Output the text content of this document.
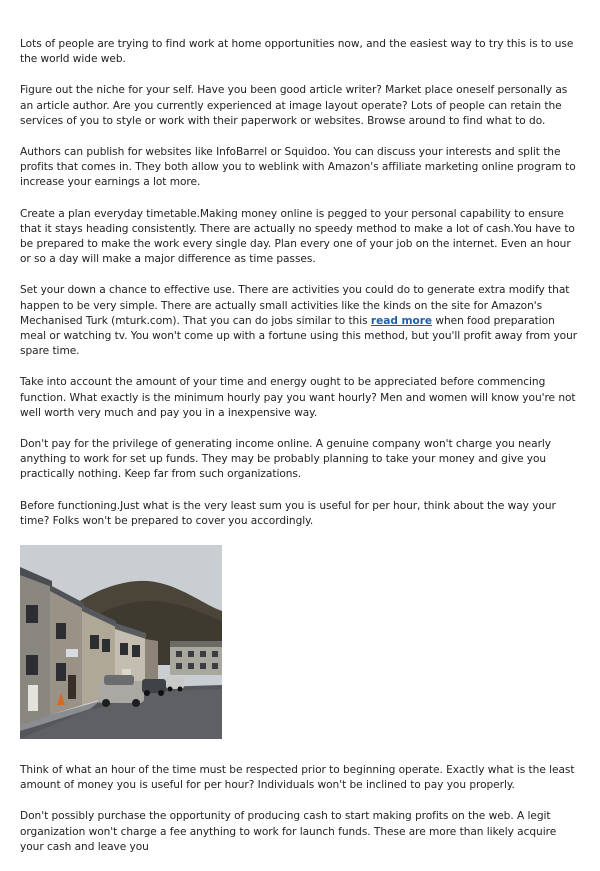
Lots of people are trying to find work at home opportunities now, and the easiest way to try this is to use the world wide web.

Figure out the niche for your self. Have you been good article writer? Market place oneself personally as an article author. Are you currently experienced at image layout operate? Lots of people can retain the services of you to style or work with their paperwork or websites. Browse around to find what to do.

Authors can publish for websites like InfoBarrel or Squidoo. You can discuss your interests and split the profits that comes in. They both allow you to weblink with Amazon's affiliate marketing online program to increase your earnings a lot more.

Create a plan everyday timetable.Making money online is pegged to your personal capability to ensure that it stays heading consistently. There are actually no speedy method to make a lot of cash.You have to be prepared to make the work every single day. Plan every one of your job on the internet. Even an hour or so a day will make a major difference as time passes.

Set your down a chance to effective use. There are activities you could do to generate extra modify that happen to be very simple. There are actually small activities like the kinds on the site for Amazon's Mechanised Turk (mturk.com). That you can do jobs similar to this read more when food preparation meal or watching tv. You won't come up with a fortune using this method, but you'll profit away from your spare time.

Take into account the amount of your time and energy ought to be appreciated before commencing function. What exactly is the minimum hourly pay you want hourly? Men and women will know you're not well worth very much and pay you in a inexpensive way.

Don't pay for the privilege of generating income online. A genuine company won't charge you nearly anything to work for set up funds. They may be probably planning to take your money and give you practically nothing. Keep far from such organizations.

Before functioning.Just what is the very least sum you is useful for per hour, think about the way your time? Folks won't be prepared to cover you accordingly.

Think of what an hour of the time must be respected prior to beginning operate. Exactly what is the least amount of money you is useful for per hour? Individuals won't be inclined to pay you properly.

Don't possibly purchase the opportunity of producing cash to start making profits on the web. A legit organization won't charge a fee anything to work for launch funds. These are more than likely acquire your cash and leave you
